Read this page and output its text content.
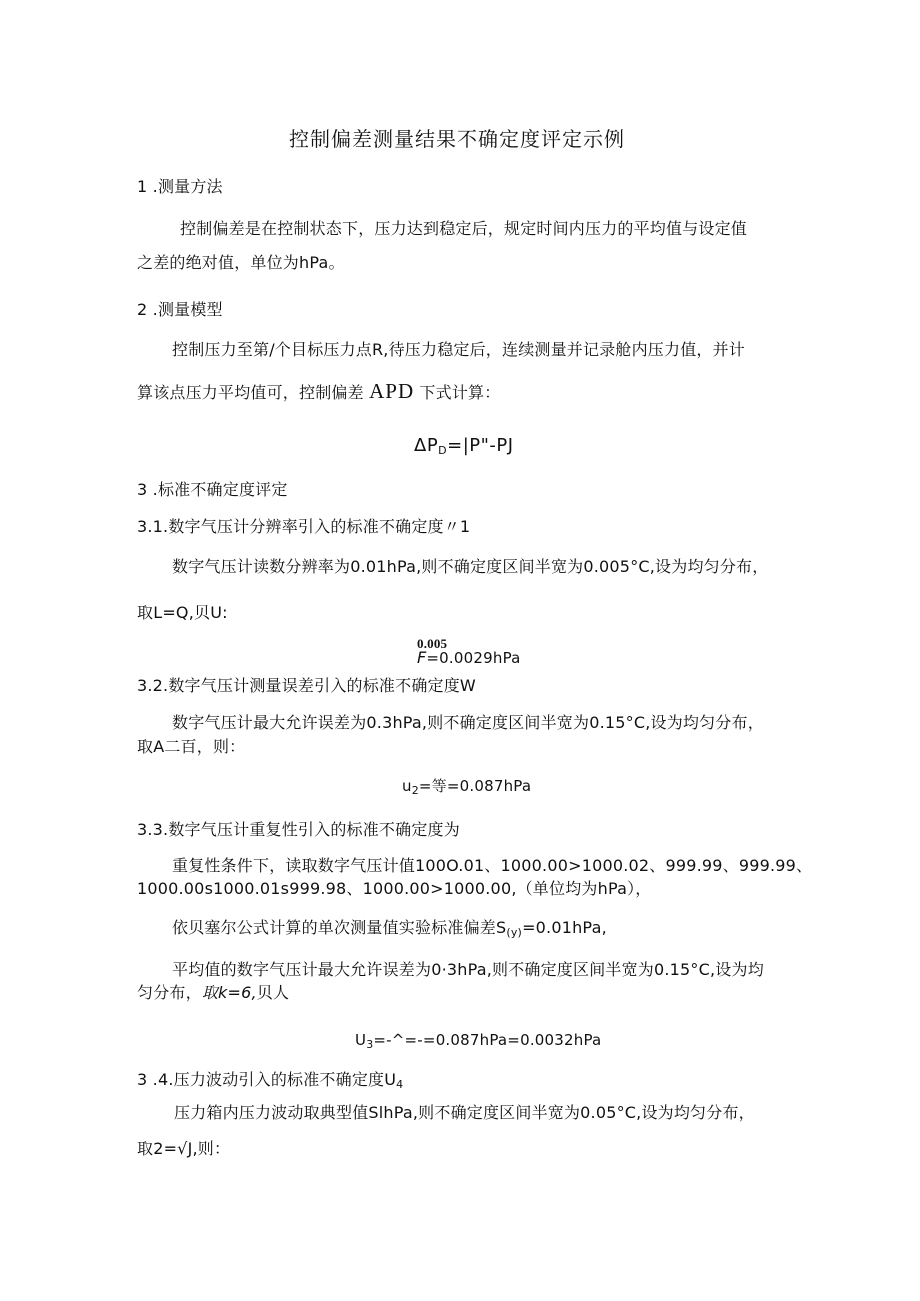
控制偏差测量结果不确定度评定示例
1 .测量方法
控制偏差是在控制状态下，压力达到稳定后，规定时间内压力的平均值与设定值
之差的绝对值，单位为hPa。
2 .测量模型
控制压力至第/个目标压力点R,待压力稳定后，连续测量并记录舱内压力值，并计
算该点压力平均值可，控制偏差 APD 下式计算：
$\Delta P_D=|P"-PJ$
3 .标准不确定度评定
3.1.数字气压计分辨率引入的标准不确定度〃1
数字气压计读数分辨率为0.01hPa,则不确定度区间半宽为0.005°C,设为均匀分布，
取L=Q,贝U:
0.005
F=0.0029hPa
3.2.数字气压计测量误差引入的标准不确定度W
数字气压计最大允许误差为0.3hPa,则不确定度区间半宽为0.15°C,设为均匀分布，
取A二百，则：
$u_2=$等=0.087hPa
3.3.数字气压计重复性引入的标准不确定度为
重复性条件下，读取数字气压计值100O.01、1000.00>1000.02、999.99、999.99、
1000.00s1000.01s999.98、1000.00>1000.00,（单位均为hPa），
依贝塞尔公式计算的单次测量值实验标准偏差$S_{(y)}=0.01hPa$,
平均值的数字气压计最大允许误差为0·3hPa,则不确定度区间半宽为0.15°C,设为均
匀分布，取k=6,贝人
$U_3=-\^{}=-=0.087hPa=0.0032hPa$
3 .4.压力波动引入的标准不确定度$U_4$
压力箱内压力波动取典型值SlhPa,则不确定度区间半宽为0.05°C,设为均匀分布，
取2=√J,则：
